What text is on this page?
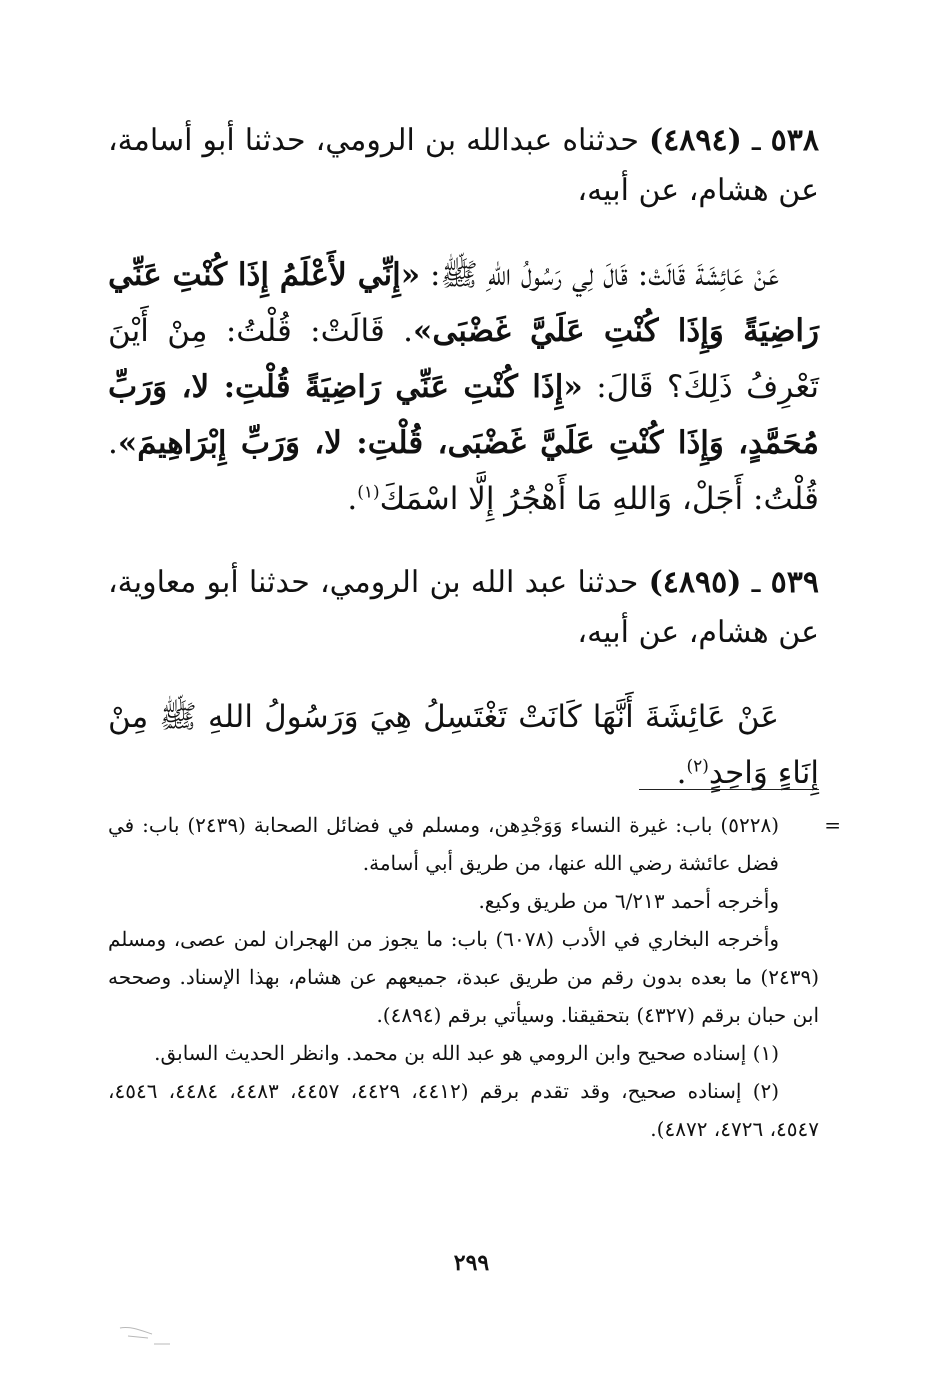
٥٣٨ ـ (٤٨٩٤) حدثناه عبدالله بن الرومي، حدثنا أبو أسامة، عن هشام، عن أبيه،

عَنْ عَائِشَةَ قَالَتْ: قَالَ لِي رَسُولُ اللهِ ﷺ: «إِنِّي لأَعْلَمُ إِذَا كُنْتِ عَنِّي رَاضِيَةً وَإِذَا كُنْتِ عَلَيَّ غَضْبَى». قَالَتْ: قُلْتُ: مِنْ أَيْنَ تَعْرِفُ ذَلِكَ؟ قَالَ: «إِذَا كُنْتِ عَنِّي رَاضِيَةً قُلْتِ: لا، وَرَبِّ مُحَمَّدٍ، وَإِذَا كُنْتِ عَلَيَّ غَضْبَى، قُلْتِ: لا، وَرَبِّ إِبْرَاهِيمَ». قُلْتُ: أَجَلْ، وَاللهِ مَا أَهْجُرُ إِلَّا اسْمَكَ$^{(١)}$.

٥٣٩ ـ (٤٨٩٥) حدثنا عبد الله بن الرومي، حدثنا أبو معاوية، عن هشام، عن أبيه،

عَنْ عَائِشَةَ أَنَّهَا كَانَتْ تَغْتَسِلُ هِيَ وَرَسُولُ اللهِ ﷺ مِنْ إِنَاءٍ وَاحِدٍ$^{(٢)}$.

=
(٥٢٢٨) باب: غيرة النساء وَوَجْدِهن، ومسلم في فضائل الصحابة (٢٤٣٩) باب: في فضل عائشة رضي الله عنها، من طريق أبي أسامة.

وأخرجه أحمد ٦/٢١٣ من طريق وكيع.

وأخرجه البخاري في الأدب (٦٠٧٨) باب: ما يجوز من الهجران لمن عصى، ومسلم (٢٤٣٩) ما بعده بدون رقم من طريق عبدة، جميعهم عن هشام، بهذا الإسناد. وصححه ابن حبان برقم (٤٣٢٧) بتحقيقنا. وسيأتي برقم (٤٨٩٤).

(١) إسناده صحيح وابن الرومي هو عبد الله بن محمد. وانظر الحديث السابق.

(٢) إسناده صحيح، وقد تقدم برقم (٤٤١٢، ٤٤٢٩، ٤٤٥٧، ٤٤٨٣، ٤٤٨٤، ٤٥٤٦، ٤٥٤٧، ٤٧٢٦، ٤٨٧٢).

٢٩٩
